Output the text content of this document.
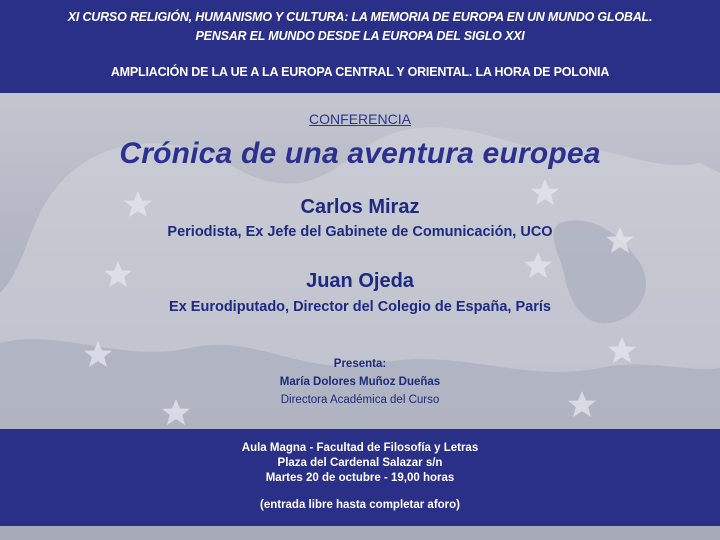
XI CURSO RELIGIÓN, HUMANISMO Y CULTURA: LA MEMORIA DE EUROPA EN UN MUNDO GLOBAL.
PENSAR EL MUNDO DESDE LA EUROPA DEL SIGLO XXI
AMPLIACIÓN DE LA UE A LA EUROPA CENTRAL Y ORIENTAL. LA HORA DE POLONIA
CONFERENCIA
Crónica de una aventura europea
Carlos Miraz
Periodista, Ex Jefe del Gabinete de Comunicación, UCO
Juan Ojeda
Ex Eurodiputado, Director del Colegio de España, París
Presenta:
María Dolores Muñoz Dueñas
Directora Académica del Curso
Aula Magna - Facultad de Filosofía y Letras
Plaza del Cardenal Salazar s/n
Martes 20 de octubre - 19,00 horas
(entrada libre hasta completar aforo)
